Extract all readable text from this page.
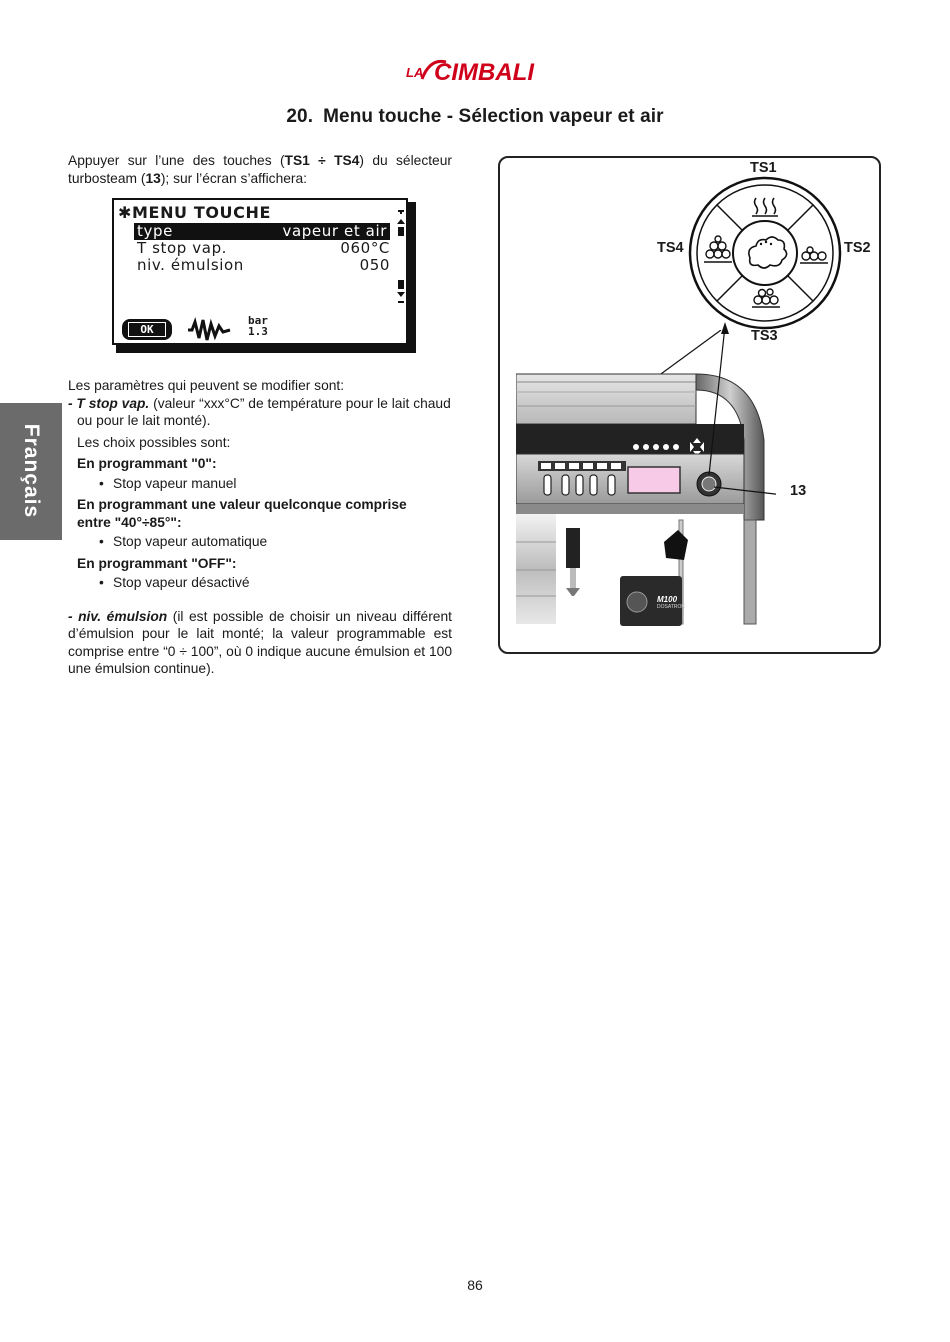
LA CIMBALI
20. Menu touche - Sélection vapeur et air
Appuyer sur l’une des touches (TS1 ÷ TS4) du sélecteur turbosteam (13); sur l’écran s’affichera:
✱MENU TOUCHE
type	vapeur et air
T stop vap.	060°C
niv. émulsion	050
OK
bar
1.3
Les paramètres qui peuvent se modifier sont:
- T stop vap. (valeur “xxx°C” de température pour le lait chaud
ou pour le lait monté).
Les choix possibles sont:
En programmant "0":
• Stop vapeur manuel
En programmant une valeur quelconque comprise
entre "40°÷85°":
• Stop vapeur automatique
En programmant "OFF":
• Stop vapeur désactivé
- niv. émulsion (il est possible de choisir un niveau différent d’émulsion pour le lait monté; la valeur programmable est comprise entre “0 ÷ 100”, où 0 indique aucune émulsion et 100 une émulsion continue).
Français
TS1
TS2
TS3
TS4
13
M100
DOSATRON
86
